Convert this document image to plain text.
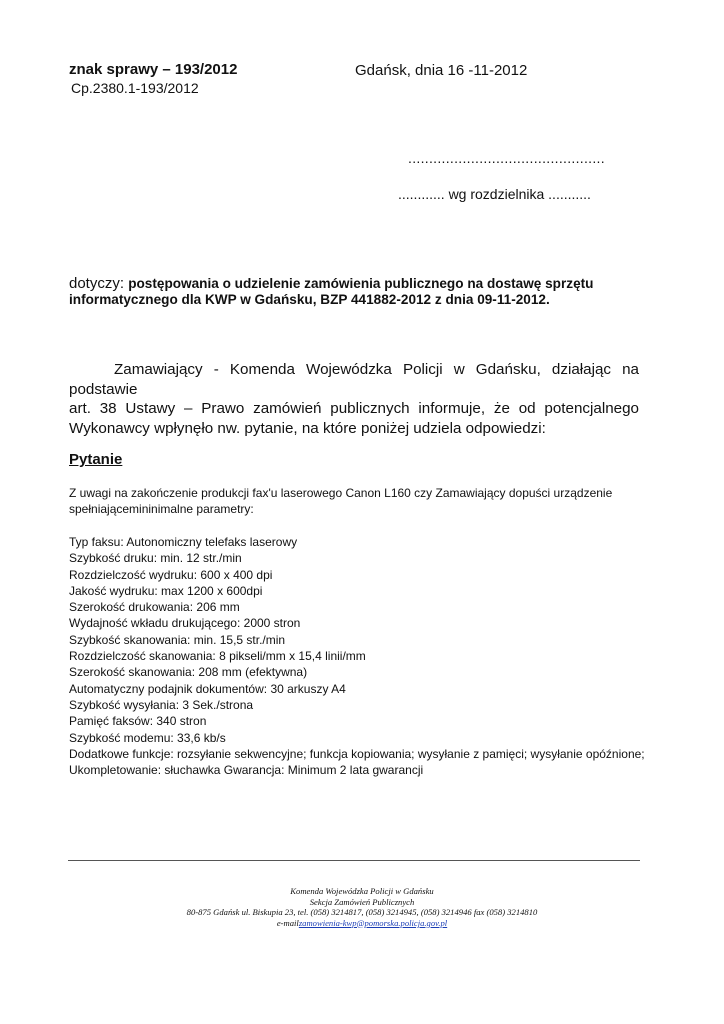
znak sprawy – 193/2012
Cp.2380.1-193/2012
Gdańsk, dnia 16 -11-2012
...............................................
............ wg rozdzielnika ...........
dotyczy: postępowania o udzielenie zamówienia publicznego na dostawę sprzętu informatycznego dla KWP w Gdańsku, BZP 441882-2012 z dnia 09-11-2012.
Zamawiający - Komenda Wojewódzka Policji w Gdańsku, działając na podstawie
art. 38 Ustawy – Prawo zamówień publicznych informuje, że od potencjalnego
Wykonawcy wpłynęło nw. pytanie, na które poniżej udziela odpowiedzi:
Pytanie
Z uwagi na zakończenie produkcji fax'u laserowego Canon L160 czy Zamawiający dopuści urządzenie spełniającemininimalne parametry:
Typ faksu: Autonomiczny telefaks laserowy
Szybkość druku: min. 12 str./min
Rozdzielczość wydruku: 600 x 400 dpi
Jakość wydruku: max 1200 x 600dpi
Szerokość drukowania: 206 mm
Wydajność wkładu drukującego: 2000 stron
Szybkość skanowania: min. 15,5 str./min
Rozdzielczość skanowania: 8 pikseli/mm x 15,4 linii/mm
Szerokość skanowania: 208 mm (efektywna)
Automatyczny podajnik dokumentów: 30 arkuszy A4
Szybkość wysyłania: 3 Sek./strona
Pamięć faksów: 340 stron
Szybkość modemu: 33,6 kb/s
Dodatkowe funkcje: rozsyłanie sekwencyjne; funkcja kopiowania; wysyłanie z pamięci; wysyłanie opóźnione;
Ukompletowanie: słuchawka Gwarancja: Minimum 2 lata gwarancji
Komenda Wojewódzka Policji w Gdańsku
Sekcja Zamówień Publicznych
80-875 Gdańsk ul. Biskupia 23, tel. (058) 3214817, (058) 3214945, (058) 3214946 fax (058) 3214810
e-mailzamowienia-kwp@pomorska.policja.gov.pl
